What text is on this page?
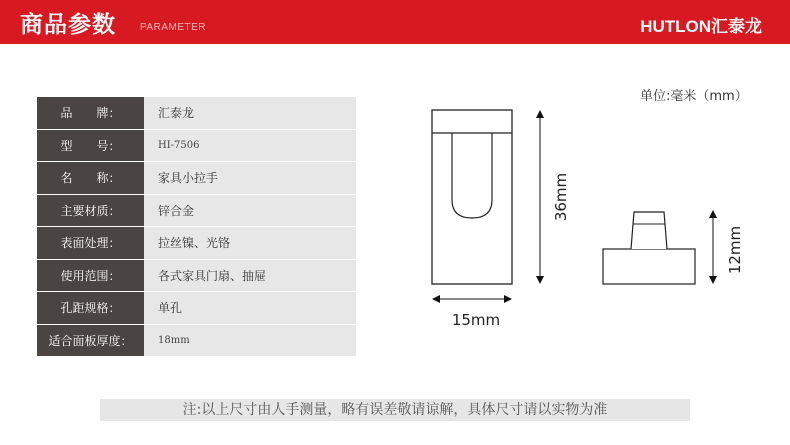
商品参数 PARAMETER	HUTLON汇泰龙
品　　牌：	汇泰龙
型　　号：	HI-7506
名　　称：	家具小拉手
主要材质：	锌合金
表面处理：	拉丝镍、光铬
使用范围：	各式家具门扇、抽屉
孔距规格：	单孔
适合面板厚度：	18mm
单位:毫米（mm）
36mm
15mm
12mm
注:以上尺寸由人手测量，略有误差敬请谅解，具体尺寸请以实物为准
